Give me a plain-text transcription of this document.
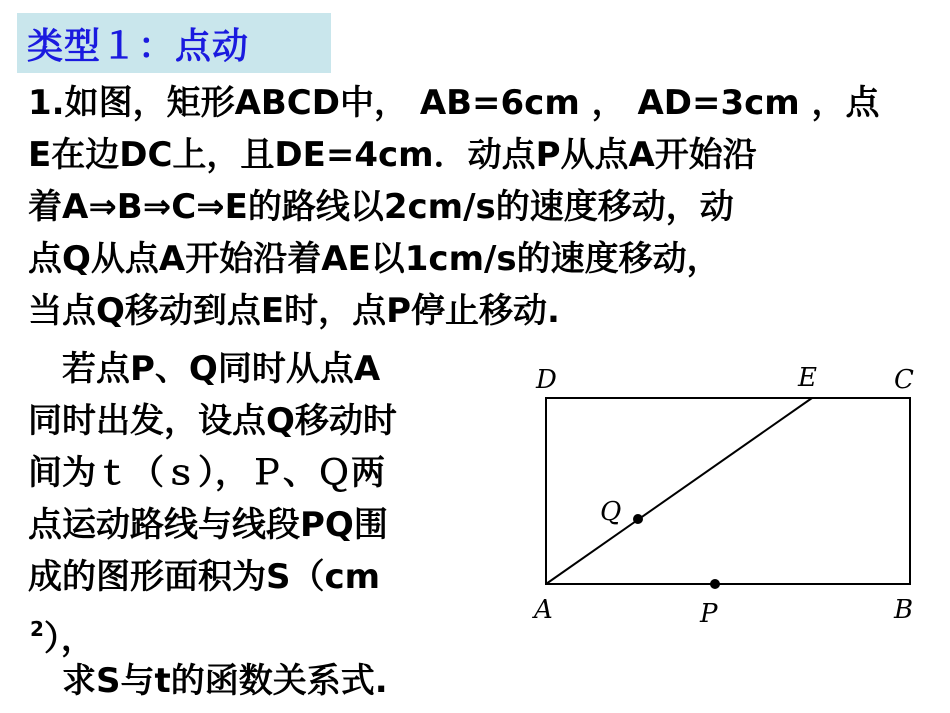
类型１：点动
1.如图，矩形ABCD中， AB=6cm ， AD=3cm ，点
E在边DC上，且DE=4cm．动点P从点A开始沿
着A⇒B⇒C⇒E的路线以2cm/s的速度移动，动
点Q从点A开始沿着AE以1cm/s的速度移动，
当点Q移动到点E时，点P停止移动.
　若点P、Q同时从点A
同时出发，设点Q移动时
间为ｔ（ｓ），Ｐ、Ｑ两
点运动路线与线段PQ围
成的图形面积为S（cm
$^2$），
　求S与t的函数关系式.
D	E	C
Q
A	P	B
